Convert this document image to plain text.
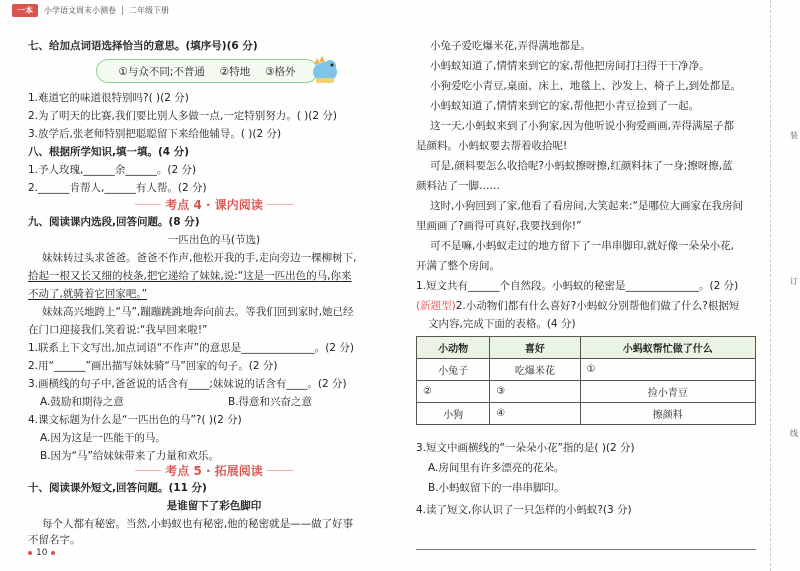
一本	小学语文周末小测卷 二年级下册
七、给加点词语选择恰当的意思。(填序号)(6 分)
①与众不同;不普通 ②特地 ③格外
1.难道它的味道很特别吗?( )(2 分)
2.为了明天的比赛,我们要比别人多做一点,一定特别努力。( )(2 分)
3.放学后,张老师特别把聪聪留下来给他辅导。( )(2 分)
八、根据所学知识,填一填。(4 分)
1.予人玫瑰,______余______。(2 分)
2.______肯帮人,______有人帮。(2 分)
考点 4 · 课内阅读
九、阅读课内选段,回答问题。(8 分)
一匹出色的马(节选)
妹妹转过头求爸爸。爸爸不作声,他松开我的手,走向旁边一棵柳树下,
拾起一根又长又细的枝条,把它递给了妹妹,说:“这是一匹出色的马,你来
不动了,就骑着它回家吧。”
妹妹高兴地跨上“马”,蹦蹦跳跳地奔向前去。等我们回到家时,她已经
在门口迎接我们,笑着说:“我早回来啦!”
1.联系上下文写出,加点词语“不作声”的意思是______________。(2 分)
2.用“______”画出描写妹妹骑“马”回家的句子。(2 分)
3.画横线的句子中,爸爸说的话含有____;妹妹说的话含有____。(2 分)
A.鼓励和期待之意	B.得意和兴奋之意
4.课文标题为什么是“一匹出色的马”?( )(2 分)
A.因为这是一匹能干的马。
B.因为“马”给妹妹带来了力量和欢乐。
考点 5 · 拓展阅读
十、阅读课外短文,回答问题。(11 分)
是谁留下了彩色脚印
每个人都有秘密。当然,小蚂蚁也有秘密,他的秘密就是——做了好事
不留名字。
小兔子爱吃爆米花,弄得满地都是。
小蚂蚁知道了,情情来到它的家,帮他把房间打扫得干干净净。
小狗爱吃小青豆,桌面、床上、地毯上、沙发上、椅子上,到处都是。
小蚂蚁知道了,情情来到它的家,帮他把小青豆捡到了一起。
这一天,小蚂蚁来到了小狗家,因为他听说小狗爱画画,弄得满屋子都
是颜料。小蚂蚁要去帮着收拾呢!
可是,颜料要怎么收拾呢?小蚂蚁擦呀擦,红颜料抹了一身;擦呀擦,蓝
颜料沾了一脚……
这时,小狗回到了家,他看了看房间,大笑起来:“是哪位大画家在我房间
里画画了?画得可真好,我要找到你!”
可不是嘛,小蚂蚁走过的地方留下了一串串脚印,就好像一朵朵小花,
开满了整个房间。
1.短文共有______个自然段。小蚂蚁的秘密是______________。(2 分)
(新题型)2.小动物们都有什么喜好?小蚂蚁分别帮他们做了什么?根据短
文内容,完成下面的表格。(4 分)
小动物	喜好	小蚂蚁帮忙做了什么
小兔子	吃爆米花	①
②	③	捡小青豆
小狗	④	擦颜料
3.短文中画横线的“一朵朵小花”指的是( )(2 分)
A.房间里有许多漂亮的花朵。
B.小蚂蚁留下的一串串脚印。
4.读了短文,你认识了一只怎样的小蚂蚁?(3 分)
装
订
线
10
